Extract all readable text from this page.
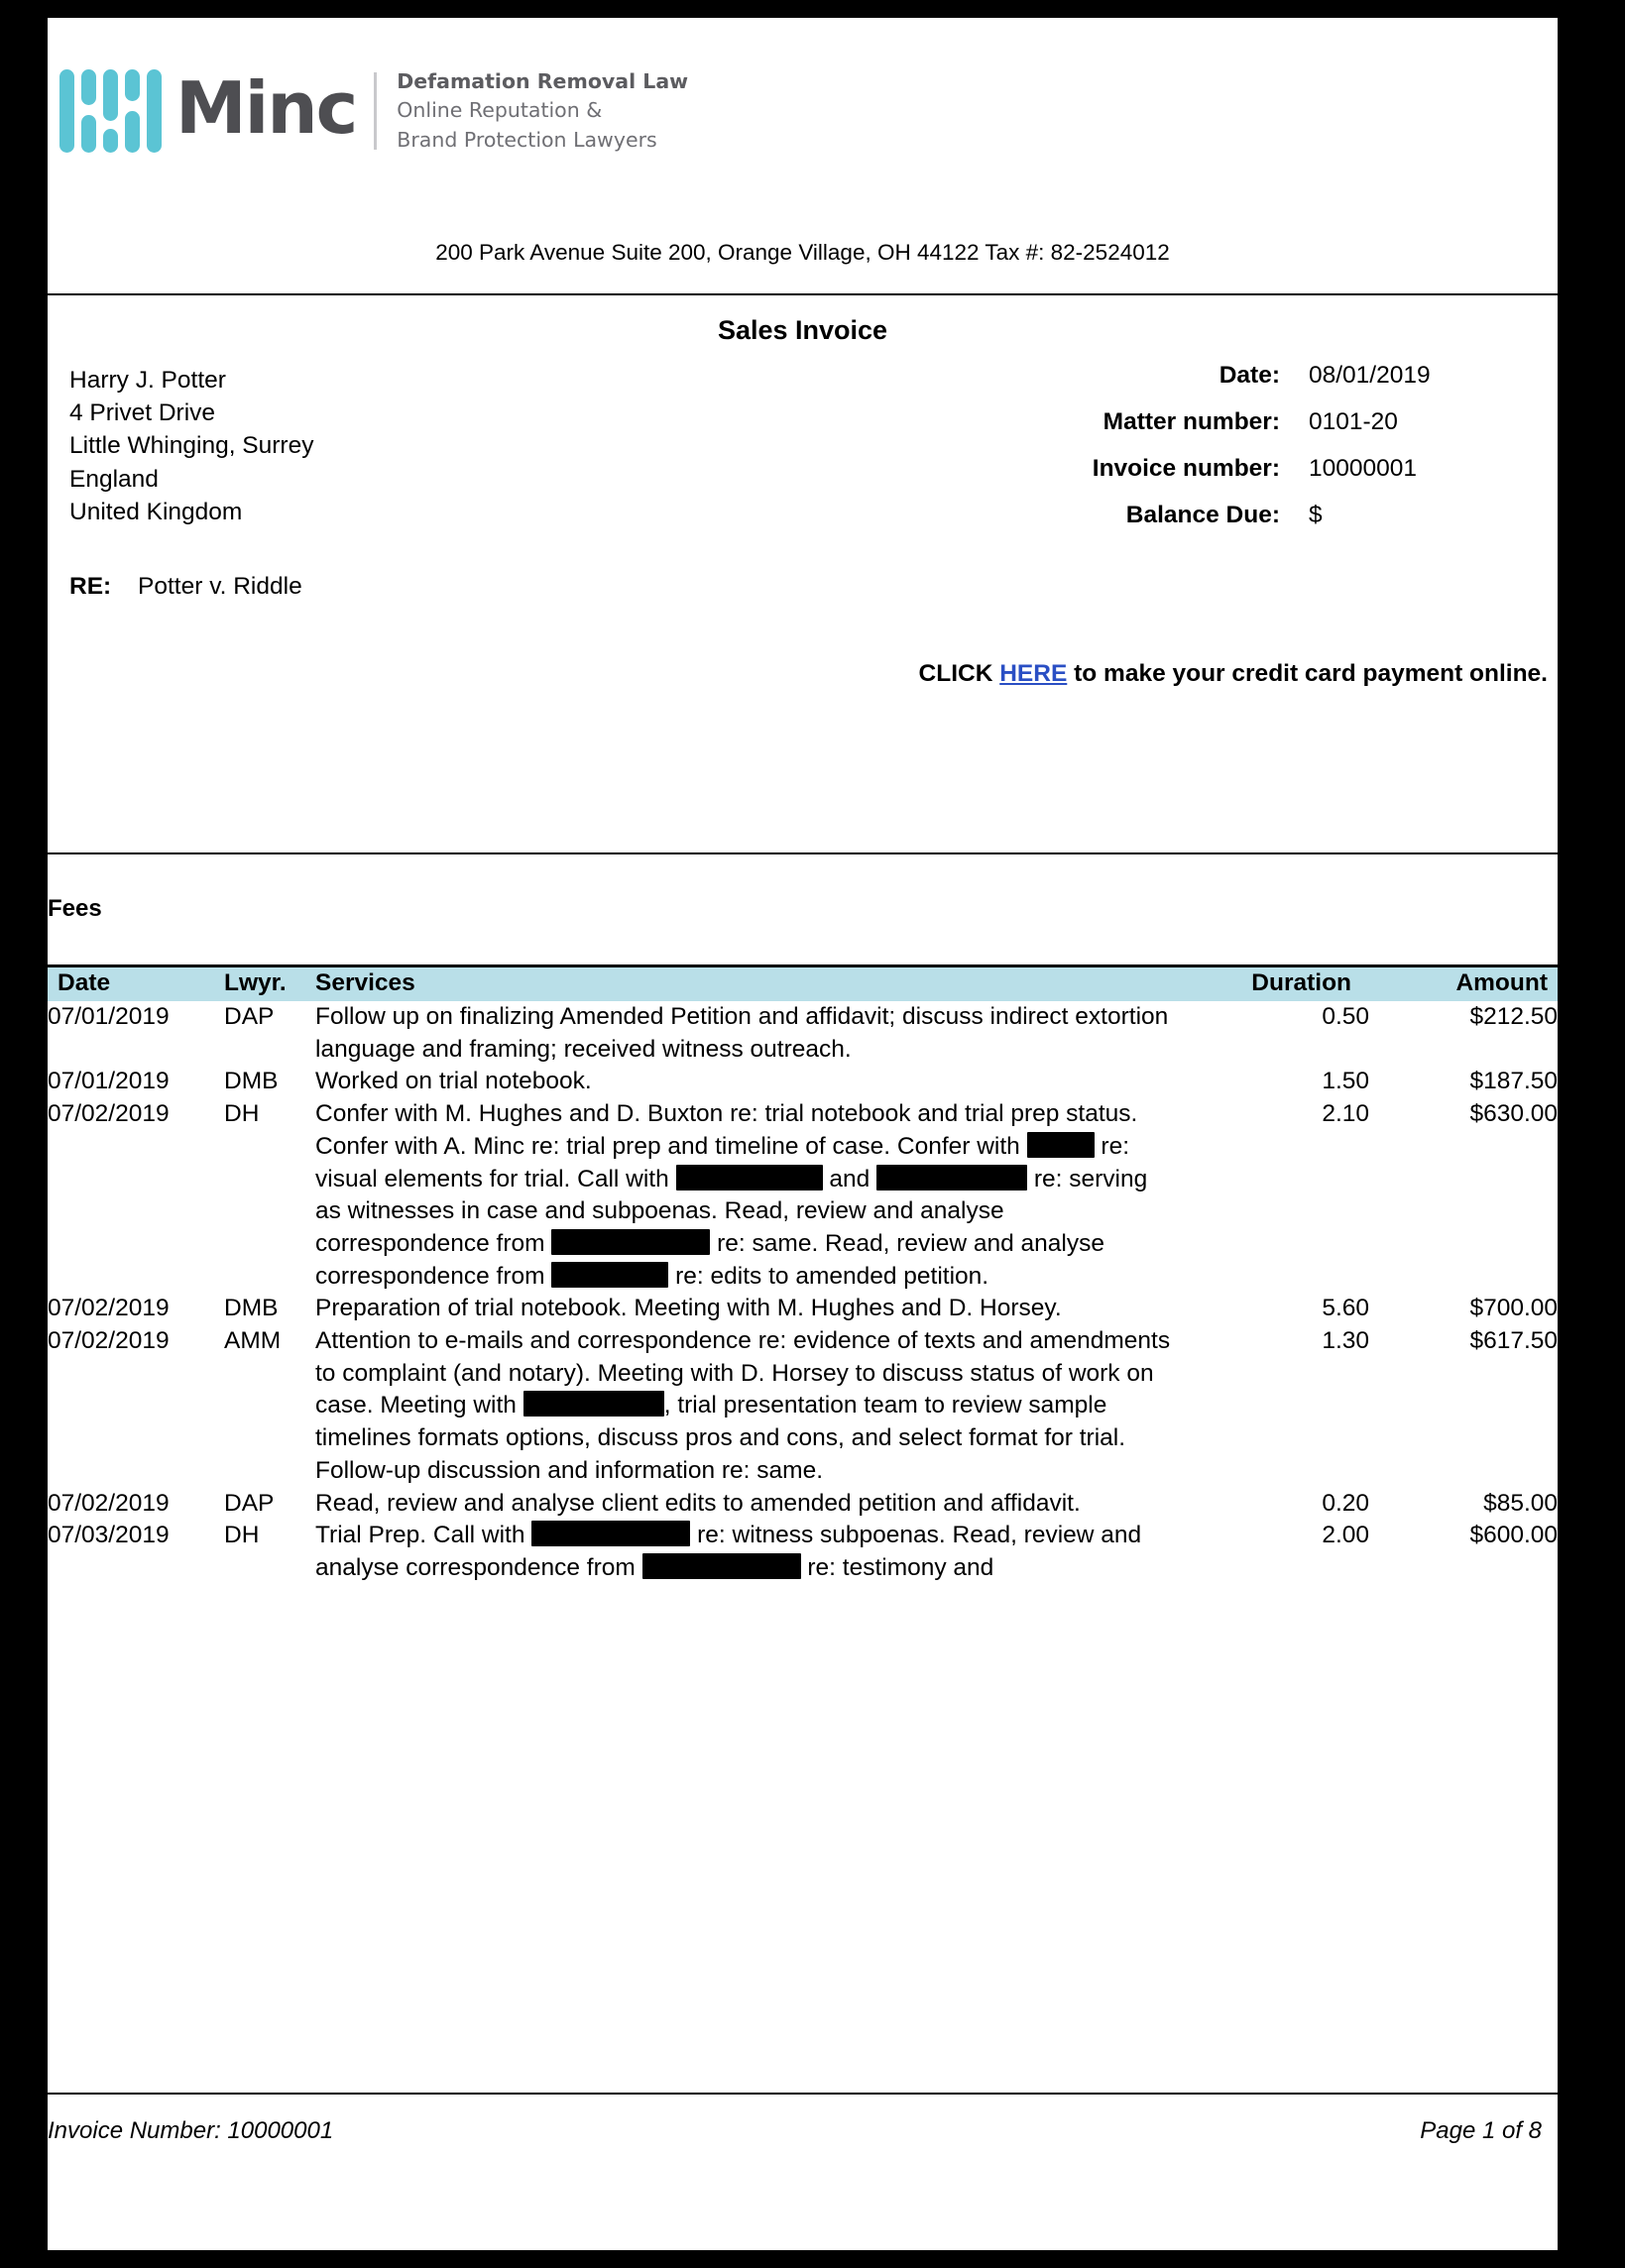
Minc Defamation Removal Law
Online Reputation &
Brand Protection Lawyers
200 Park Avenue Suite 200, Orange Village, OH 44122 Tax #: 82-2524012
Sales Invoice
Harry J. Potter
4 Privet Drive
Little Whinging, Surrey
England
United Kingdom
RE: Potter v. Riddle
Date:	08/01/2019
Matter number:	0101-20
Invoice number:	10000001
Balance Due:	$
CLICK HERE to make your credit card payment online.
Fees
Date	Lwyr.	Services	Duration	Amount
07/01/2019	DAP	Follow up on finalizing Amended Petition and affidavit; discuss indirect extortion language and framing; received witness outreach.	0.50	$212.50
07/01/2019	DMB	Worked on trial notebook.	1.50	$187.50
07/02/2019	DH	Confer with M. Hughes and D. Buxton re: trial notebook and trial prep status. Confer with A. Minc re: trial prep and timeline of case. Confer with re: visual elements for trial. Call with and re: serving as witnesses in case and subpoenas. Read, review and analyse correspondence from re: same. Read, review and analyse correspondence from re: edits to amended petition.	2.10	$630.00
07/02/2019	DMB	Preparation of trial notebook. Meeting with M. Hughes and D. Horsey.	5.60	$700.00
07/02/2019	AMM	Attention to e-mails and correspondence re: evidence of texts and amendments to complaint (and notary). Meeting with D. Horsey to discuss status of work on case. Meeting with , trial presentation team to review sample timelines formats options, discuss pros and cons, and select format for trial. Follow-up discussion and information re: same.	1.30	$617.50
07/02/2019	DAP	Read, review and analyse client edits to amended petition and affidavit.	0.20	$85.00
07/03/2019	DH	Trial Prep. Call with re: witness subpoenas. Read, review and analyse correspondence from re: testimony and	2.00	$600.00
Invoice Number: 10000001	Page 1 of 8
